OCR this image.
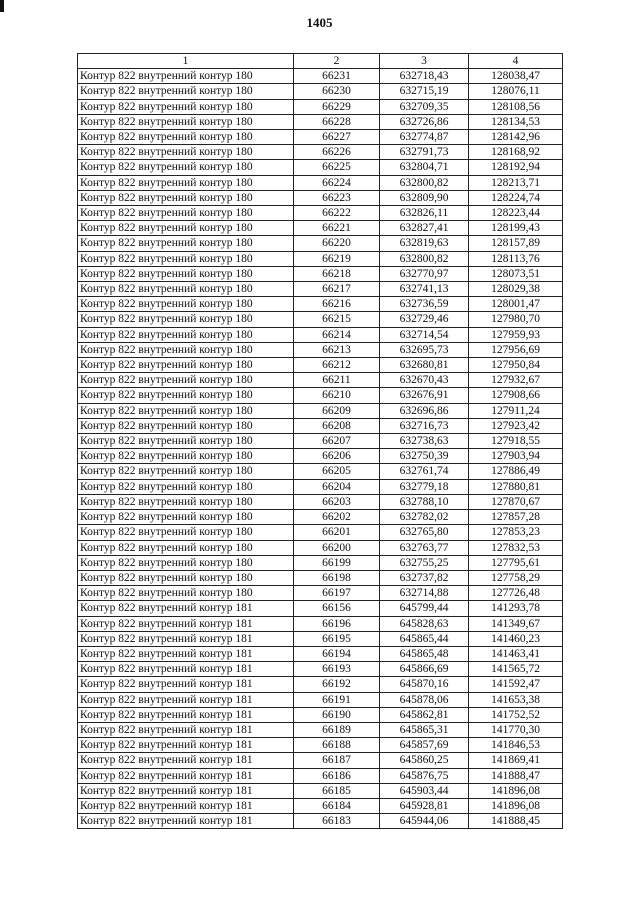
1405
1	2	3	4
Контур 822 внутренний контур 180	66231	632718,43	128038,47
Контур 822 внутренний контур 180	66230	632715,19	128076,11
Контур 822 внутренний контур 180	66229	632709,35	128108,56
Контур 822 внутренний контур 180	66228	632726,86	128134,53
Контур 822 внутренний контур 180	66227	632774,87	128142,96
Контур 822 внутренний контур 180	66226	632791,73	128168,92
Контур 822 внутренний контур 180	66225	632804,71	128192,94
Контур 822 внутренний контур 180	66224	632800,82	128213,71
Контур 822 внутренний контур 180	66223	632809,90	128224,74
Контур 822 внутренний контур 180	66222	632826,11	128223,44
Контур 822 внутренний контур 180	66221	632827,41	128199,43
Контур 822 внутренний контур 180	66220	632819,63	128157,89
Контур 822 внутренний контур 180	66219	632800,82	128113,76
Контур 822 внутренний контур 180	66218	632770,97	128073,51
Контур 822 внутренний контур 180	66217	632741,13	128029,38
Контур 822 внутренний контур 180	66216	632736,59	128001,47
Контур 822 внутренний контур 180	66215	632729,46	127980,70
Контур 822 внутренний контур 180	66214	632714,54	127959,93
Контур 822 внутренний контур 180	66213	632695,73	127956,69
Контур 822 внутренний контур 180	66212	632680,81	127950,84
Контур 822 внутренний контур 180	66211	632670,43	127932,67
Контур 822 внутренний контур 180	66210	632676,91	127908,66
Контур 822 внутренний контур 180	66209	632696,86	127911,24
Контур 822 внутренний контур 180	66208	632716,73	127923,42
Контур 822 внутренний контур 180	66207	632738,63	127918,55
Контур 822 внутренний контур 180	66206	632750,39	127903,94
Контур 822 внутренний контур 180	66205	632761,74	127886,49
Контур 822 внутренний контур 180	66204	632779,18	127880,81
Контур 822 внутренний контур 180	66203	632788,10	127870,67
Контур 822 внутренний контур 180	66202	632782,02	127857,28
Контур 822 внутренний контур 180	66201	632765,80	127853,23
Контур 822 внутренний контур 180	66200	632763,77	127832,53
Контур 822 внутренний контур 180	66199	632755,25	127795,61
Контур 822 внутренний контур 180	66198	632737,82	127758,29
Контур 822 внутренний контур 180	66197	632714,88	127726,48
Контур 822 внутренний контур 181	66156	645799,44	141293,78
Контур 822 внутренний контур 181	66196	645828,63	141349,67
Контур 822 внутренний контур 181	66195	645865,44	141460,23
Контур 822 внутренний контур 181	66194	645865,48	141463,41
Контур 822 внутренний контур 181	66193	645866,69	141565,72
Контур 822 внутренний контур 181	66192	645870,16	141592,47
Контур 822 внутренний контур 181	66191	645878,06	141653,38
Контур 822 внутренний контур 181	66190	645862,81	141752,52
Контур 822 внутренний контур 181	66189	645865,31	141770,30
Контур 822 внутренний контур 181	66188	645857,69	141846,53
Контур 822 внутренний контур 181	66187	645860,25	141869,41
Контур 822 внутренний контур 181	66186	645876,75	141888,47
Контур 822 внутренний контур 181	66185	645903,44	141896,08
Контур 822 внутренний контур 181	66184	645928,81	141896,08
Контур 822 внутренний контур 181	66183	645944,06	141888,45
